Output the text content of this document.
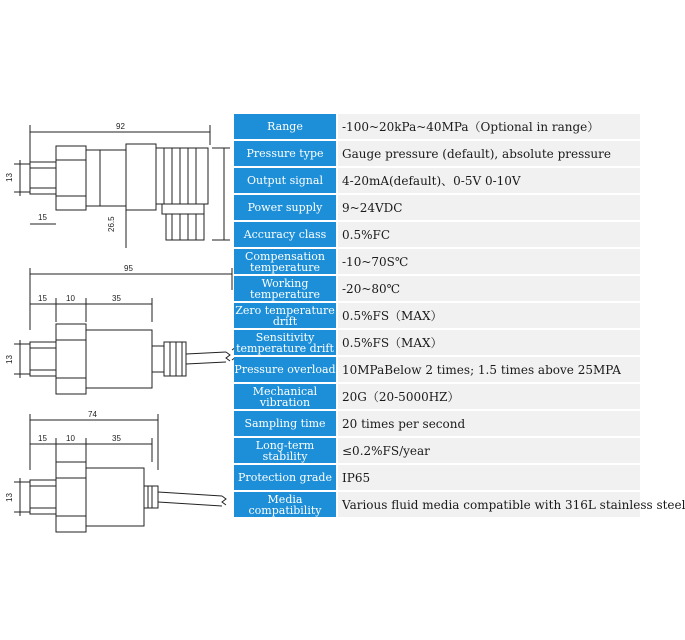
92
26.5
13
15
95
15 10	35
13
74
15 10	35
13
Range	-100~20kPa~40MPa（Optional in range）
Pressure type	Gauge pressure (default), absolute pressure
Output signal	4-20mA(default)、0-5V 0-10V
Power supply	9~24VDC
Accuracy class	0.5%FC
Compensation temperature	-10~70S℃
Working temperature	-20~80℃
Zero temperature drift	0.5%FS（MAX）
Sensitivity temperature drift	0.5%FS（MAX）
Pressure overload	10MPaBelow 2 times; 1.5 times above 25MPA
Mechanical vibration	20G（20-5000HZ）
Sampling time	20 times per second
Long-term stability	≤0.2%FS/year
Protection grade	IP65
Media compatibility	Various fluid media compatible with 316L stainless steel
